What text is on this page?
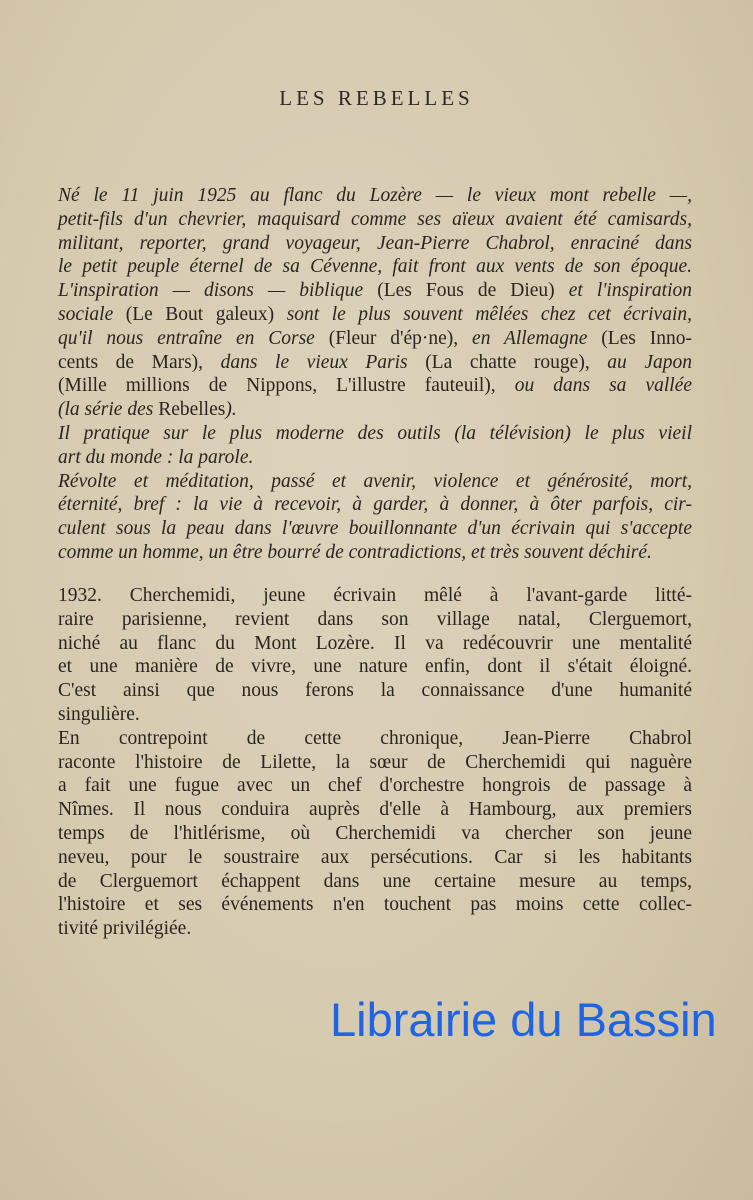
LES REBELLES
Né le 11 juin 1925 au flanc du Lozère — le vieux mont rebelle —,
petit-fils d'un chevrier, maquisard comme ses aïeux avaient été camisards,
militant, reporter, grand voyageur, Jean-Pierre Chabrol, enraciné dans
le petit peuple éternel de sa Cévenne, fait front aux vents de son époque.
L'inspiration — disons — biblique (Les Fous de Dieu) et l'inspiration
sociale (Le Bout galeux) sont le plus souvent mêlées chez cet écrivain,
qu'il nous entraîne en Corse (Fleur d'ép·ne), en Allemagne (Les Inno-
cents de Mars), dans le vieux Paris (La chatte rouge), au Japon
(Mille millions de Nippons, L'illustre fauteuil), ou dans sa vallée
(la série des Rebelles).
Il pratique sur le plus moderne des outils (la télévision) le plus vieil
art du monde : la parole.
Révolte et méditation, passé et avenir, violence et générosité, mort,
éternité, bref : la vie à recevoir, à garder, à donner, à ôter parfois, cir-
culent sous la peau dans l'œuvre bouillonnante d'un écrivain qui s'accepte
comme un homme, un être bourré de contradictions, et très souvent déchiré.
1932. Cherchemidi, jeune écrivain mêlé à l'avant-garde litté-
raire parisienne, revient dans son village natal, Clerguemort,
niché au flanc du Mont Lozère. Il va redécouvrir une mentalité
et une manière de vivre, une nature enfin, dont il s'était éloigné.
C'est ainsi que nous ferons la connaissance d'une humanité
singulière.
En contrepoint de cette chronique, Jean-Pierre Chabrol
raconte l'histoire de Lilette, la sœur de Cherchemidi qui naguère
a fait une fugue avec un chef d'orchestre hongrois de passage à
Nîmes. Il nous conduira auprès d'elle à Hambourg, aux premiers
temps de l'hitlérisme, où Cherchemidi va chercher son jeune
neveu, pour le soustraire aux persécutions. Car si les habitants
de Clerguemort échappent dans une certaine mesure au temps,
l'histoire et ses événements n'en touchent pas moins cette collec-
tivité privilégiée.
Librairie du Bassin
